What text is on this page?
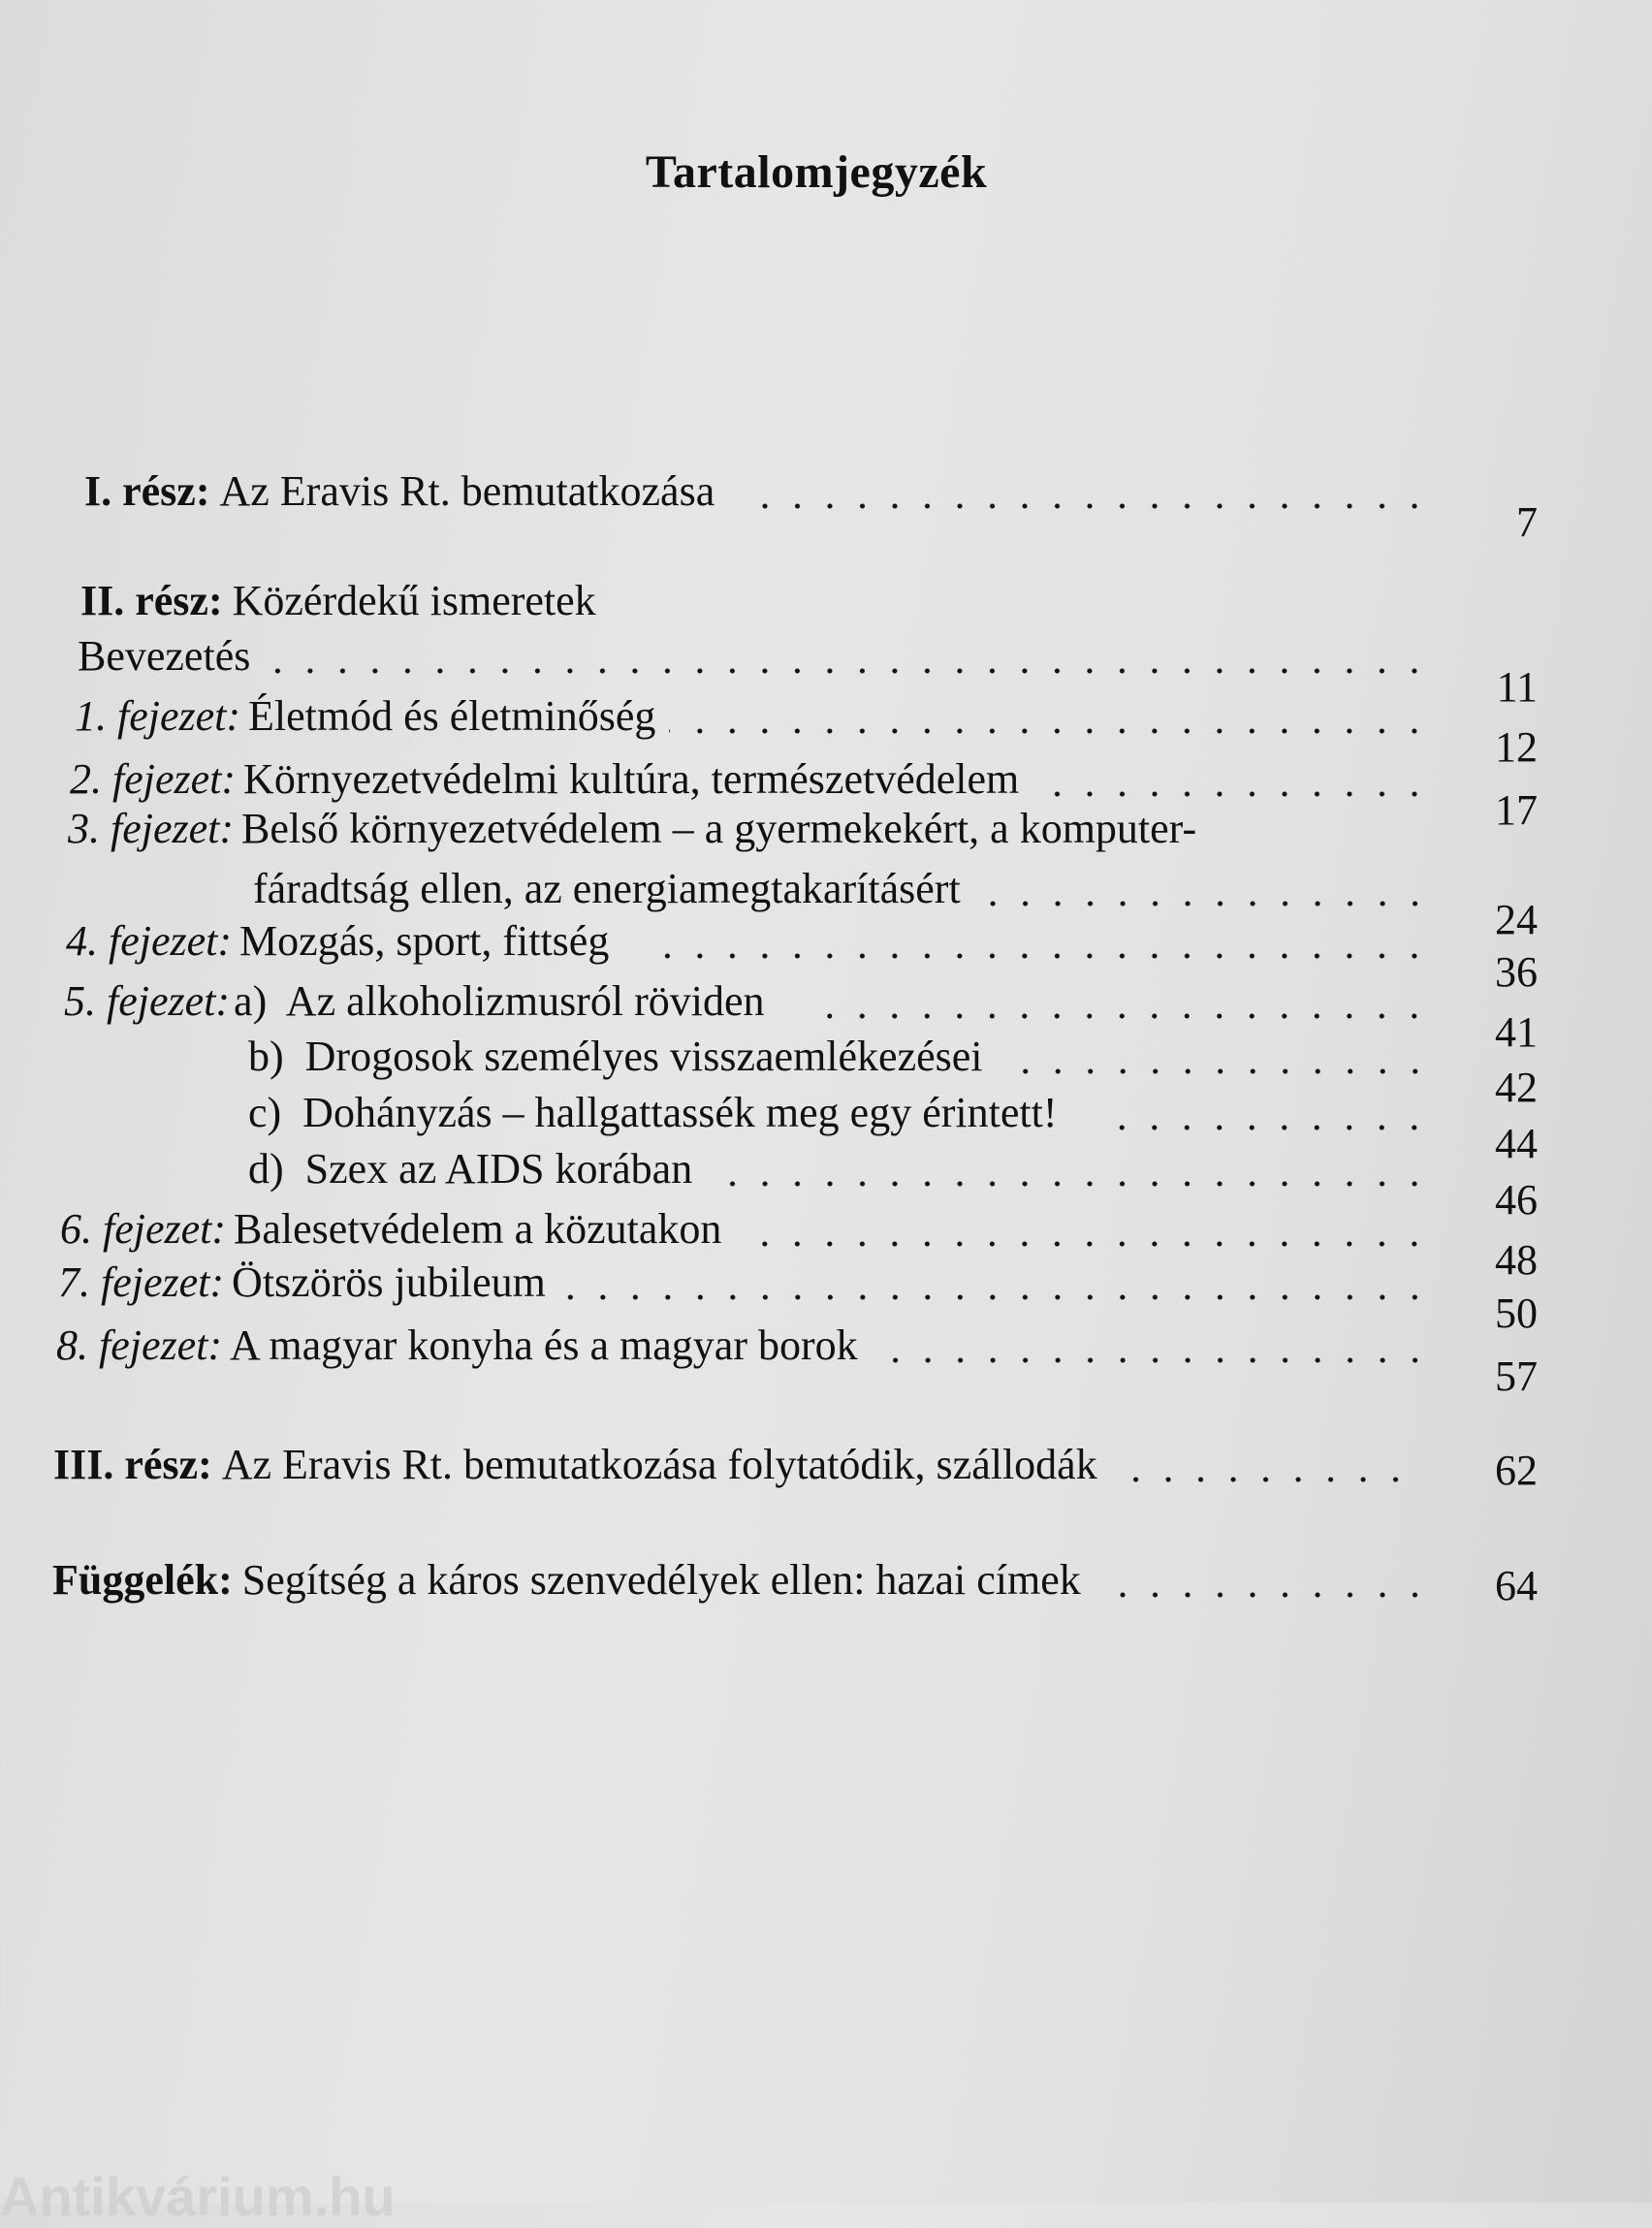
Tartalomjegyzék
I. rész: Az Eravis Rt. bemutatkozása
7
II. rész: Közérdekű ismeretek
Bevezetés
11
1. fejezet: Életmód és életminőség
12
2. fejezet: Környezetvédelmi kultúra, természetvédelem
17
3. fejezet: Belső környezetvédelem – a gyermekekért, a komputer-
fáradtság ellen, az energiamegtakarításért
24
4. fejezet: Mozgás, sport, fittség
36
5. fejezet: a)  Az alkoholizmusról röviden
41
b)  Drogosok személyes visszaemlékezései
42
c)  Dohányzás – hallgattassék meg egy érintett!
44
d)  Szex az AIDS korában
46
6. fejezet: Balesetvédelem a közutakon
48
7. fejezet: Ötszörös jubileum
50
8. fejezet: A magyar konyha és a magyar borok
57
III. rész: Az Eravis Rt. bemutatkozása folytatódik, szállodák	62
Függelék: Segítség a káros szenvedélyek ellen: hazai címek	64
Antikvárium.hu
